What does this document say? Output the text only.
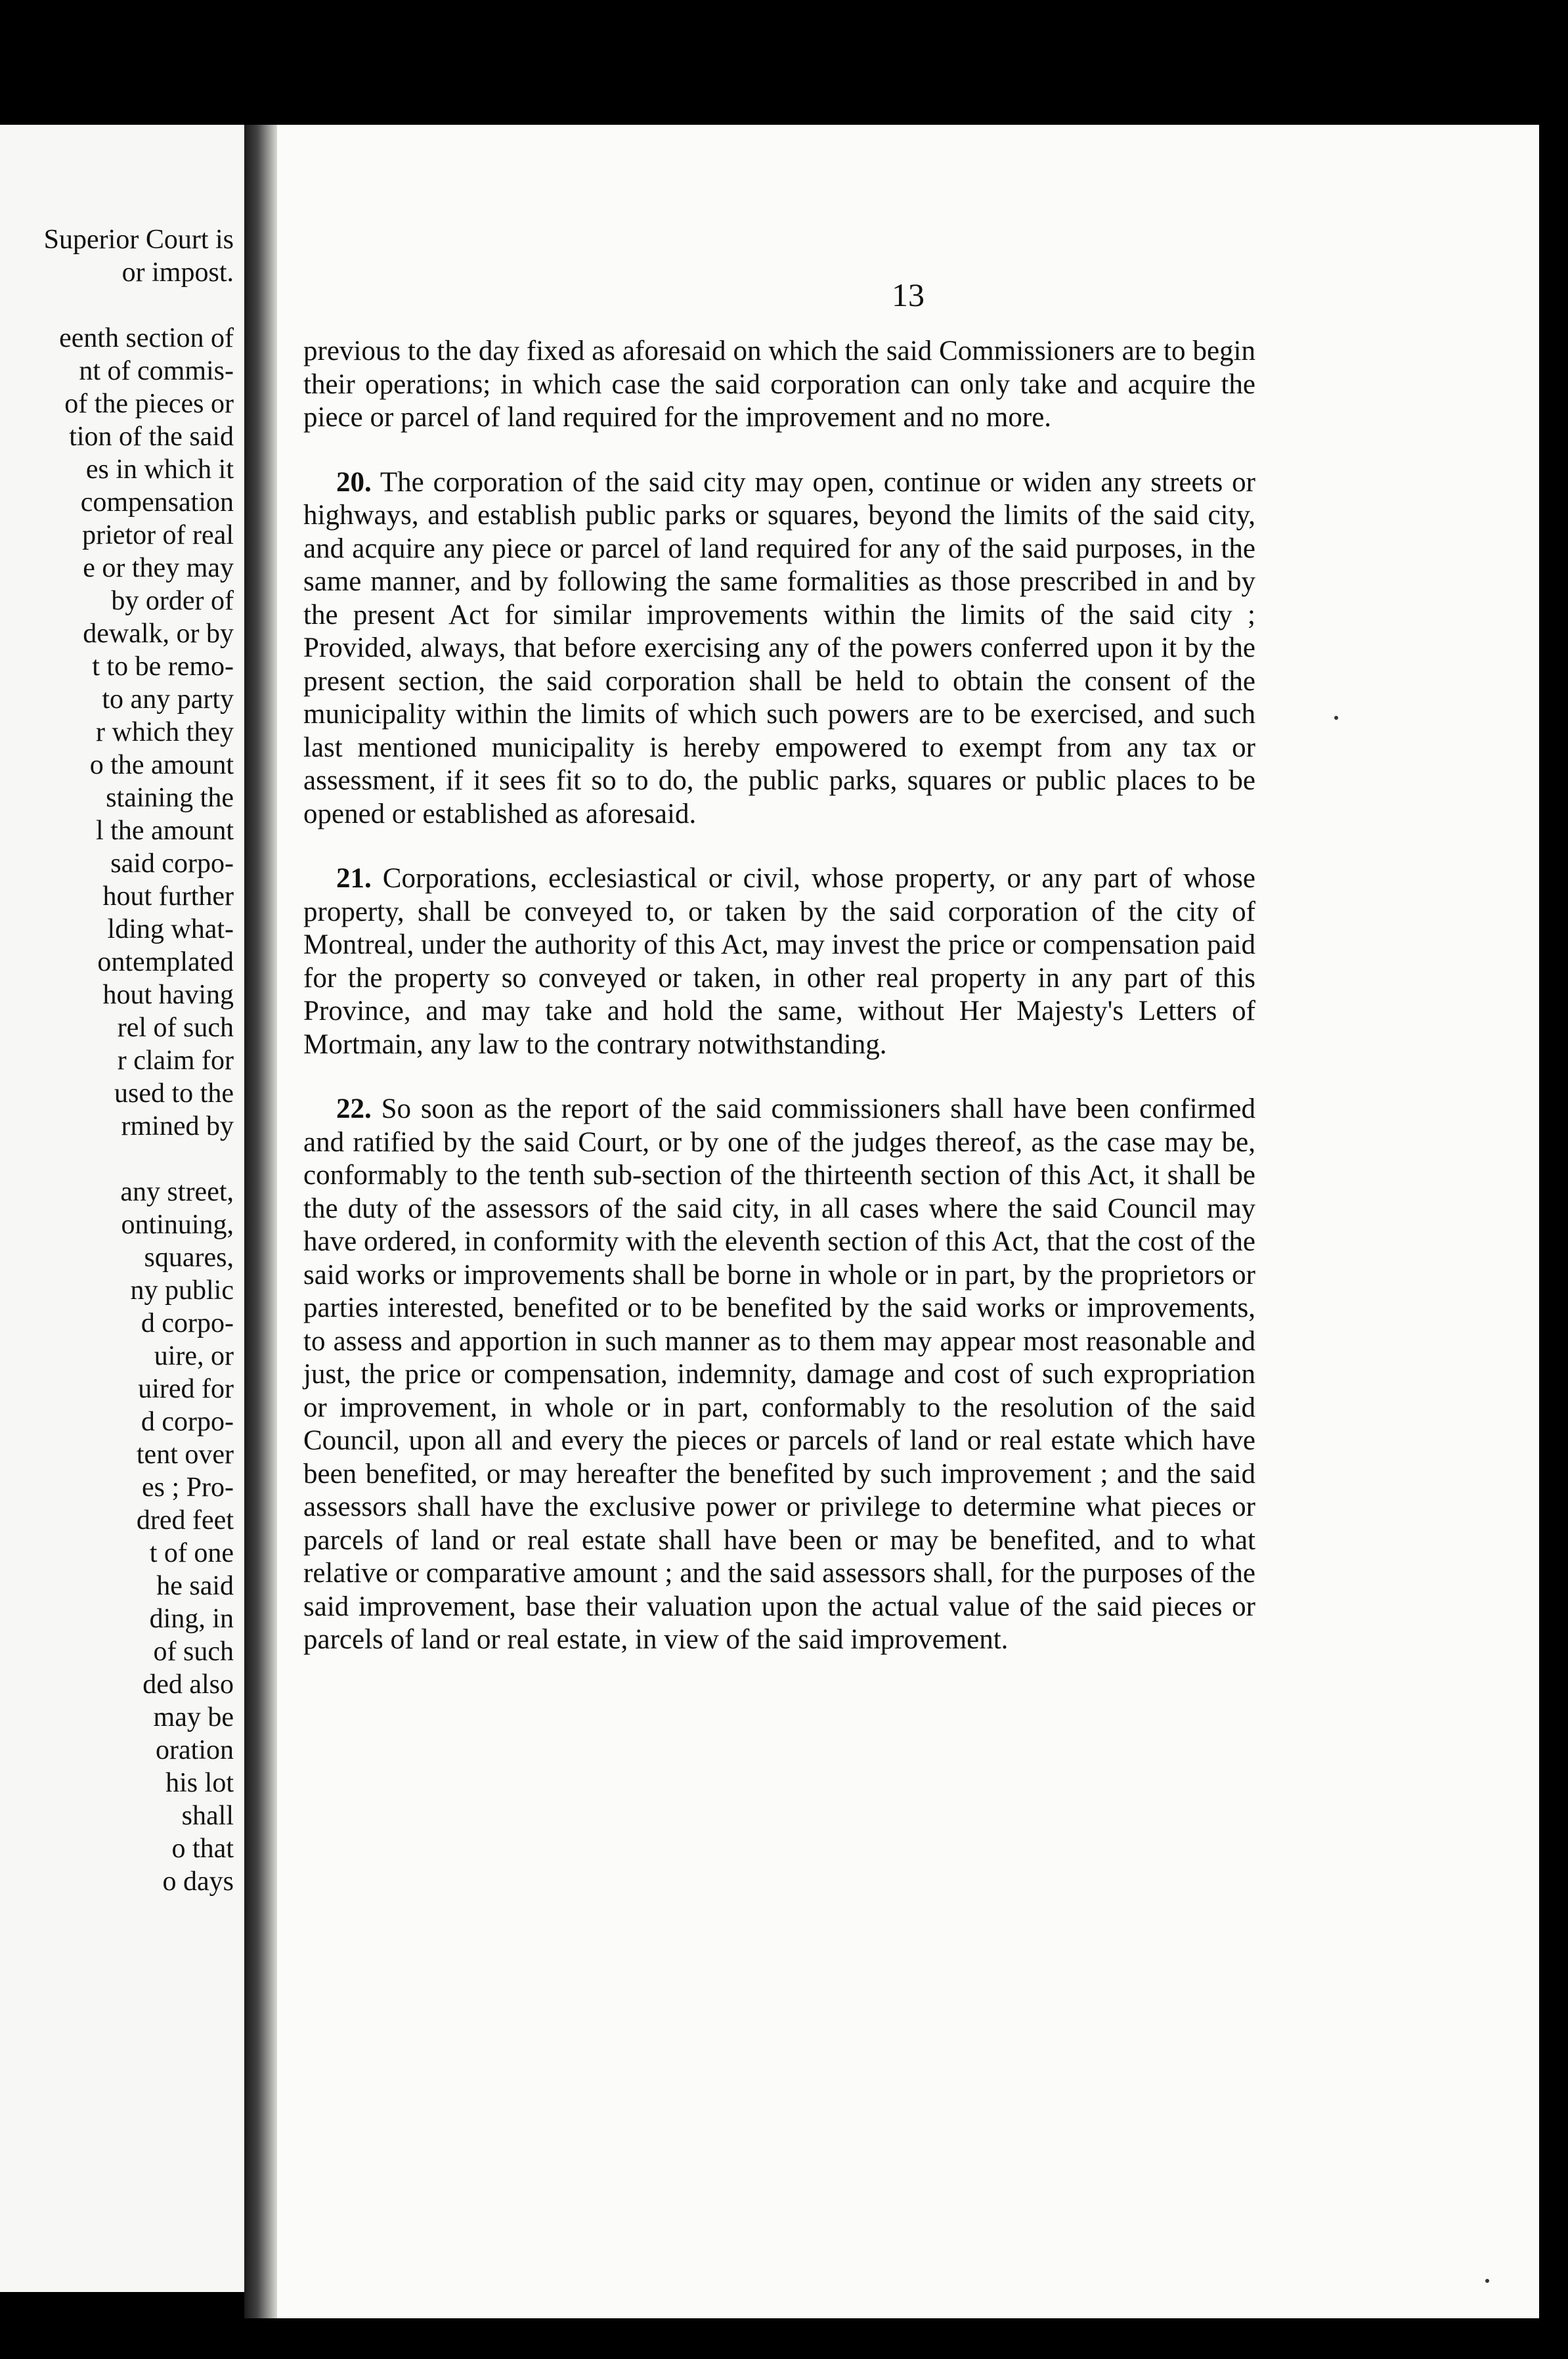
Superior Court is
or impost.
eenth section of
nt of commis-
of the pieces or
tion of the said
es in which it
compensation
prietor of real
e or they may
by order of
dewalk, or by
t to be remo-
to any party
r which they
o the amount
staining the
l the amount
said corpo-
hout further
lding what-
ontemplated
hout having
rel of such
r claim for
used to the
rmined by
any street,
ontinuing,
squares,
ny public
d corpo-
uire, or
uired for
d corpo-
tent over
es ; Pro-
dred feet
t of one
he said
ding, in
of such
ded also
may be
oration
his lot
shall
o that
o days
13

previous to the day fixed as aforesaid on which the said Commissioners are to begin their operations; in which case the said corporation can only take and acquire the piece or parcel of land required for the improvement and no more.

20. The corporation of the said city may open, continue or widen any streets or highways, and establish public parks or squares, beyond the limits of the said city, and acquire any piece or parcel of land required for any of the said purposes, in the same manner, and by following the same formalities as those prescribed in and by the present Act for similar improvements within the limits of the said city ; Provided, always, that before exercising any of the powers conferred upon it by the present section, the said corporation shall be held to obtain the consent of the municipality within the limits of which such powers are to be exercised, and such last mentioned municipality is hereby empowered to exempt from any tax or assessment, if it sees fit so to do, the public parks, squares or public places to be opened or established as aforesaid.

21. Corporations, ecclesiastical or civil, whose property, or any part of whose property, shall be conveyed to, or taken by the said corporation of the city of Montreal, under the authority of this Act, may invest the price or compensation paid for the property so conveyed or taken, in other real property in any part of this Province, and may take and hold the same, without Her Majesty's Letters of Mortmain, any law to the contrary notwithstanding.

22. So soon as the report of the said commissioners shall have been confirmed and ratified by the said Court, or by one of the judges thereof, as the case may be, conformably to the tenth sub-section of the thirteenth section of this Act, it shall be the duty of the assessors of the said city, in all cases where the said Council may have ordered, in conformity with the eleventh section of this Act, that the cost of the said works or improvements shall be borne in whole or in part, by the proprietors or parties interested, benefited or to be benefited by the said works or improvements, to assess and apportion in such manner as to them may appear most reasonable and just, the price or compensation, indemnity, damage and cost of such expropriation or improvement, in whole or in part, conformably to the resolution of the said Council, upon all and every the pieces or parcels of land or real estate which have been benefited, or may hereafter the benefited by such improvement ; and the said assessors shall have the exclusive power or privilege to determine what pieces or parcels of land or real estate shall have been or may be benefited, and to what relative or comparative amount ; and the said assessors shall, for the purposes of the said improvement, base their valuation upon the actual value of the said pieces or parcels of land or real estate, in view of the said improvement.
